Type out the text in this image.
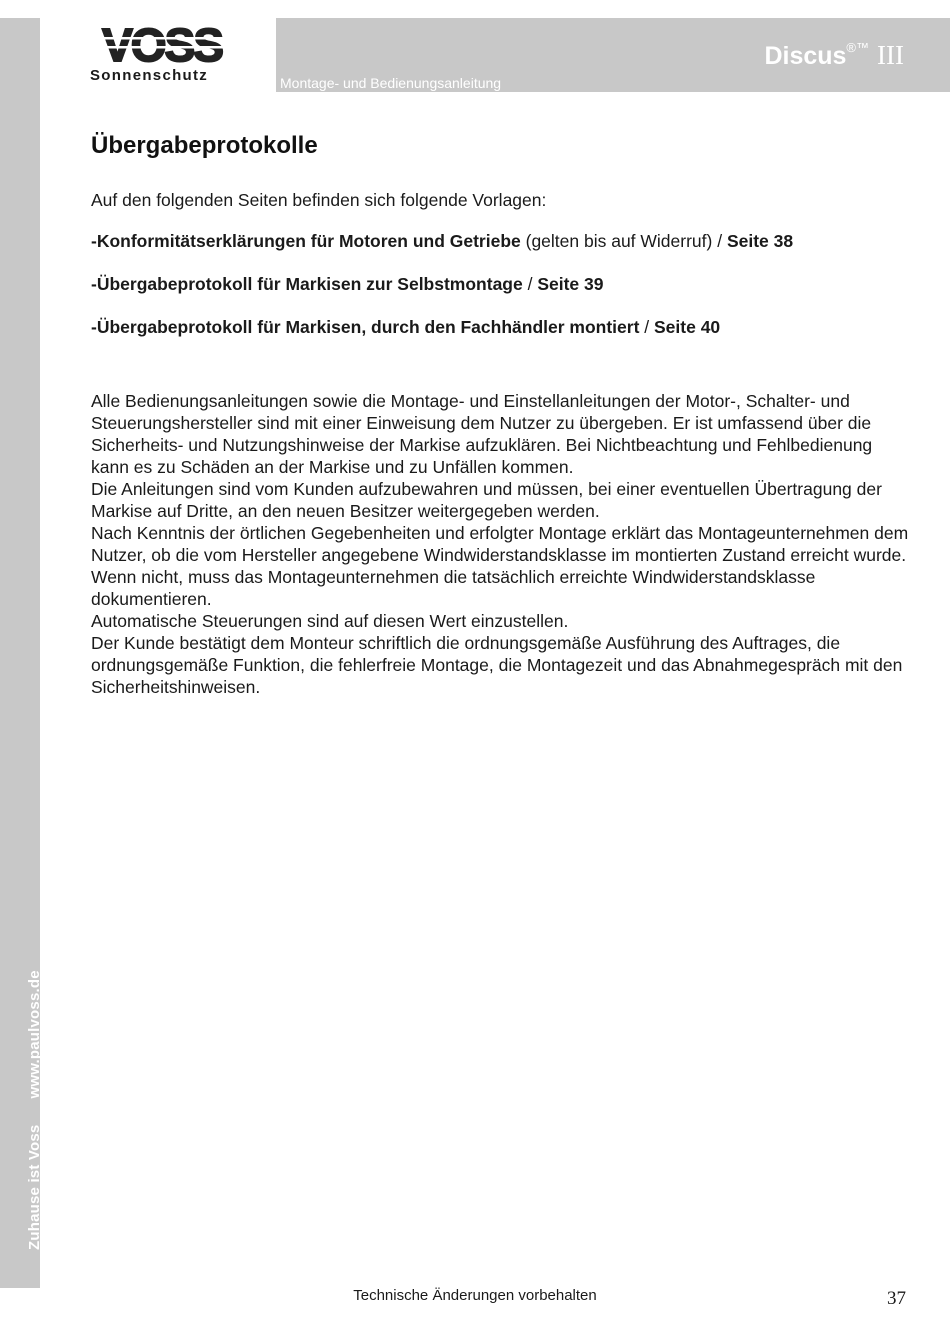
Zuhause ist Vosswww.paulvoss.de
Sonnenschutz	Montage- und Bedienungsanleitung
Discus®™ III
Übergabeprotokolle

Auf den folgenden Seiten befinden sich folgende Vorlagen:

-Konformitätserklärungen für Motoren und Getriebe (gelten bis auf Widerruf) / Seite 38

-Übergabeprotokoll für Markisen zur Selbstmontage / Seite 39

-Übergabeprotokoll für Markisen, durch den Fachhändler montiert / Seite 40

Alle Bedienungsanleitungen sowie die Montage- und Einstellanleitungen der Motor-, Schalter- und Steuerungshersteller sind mit einer Einweisung dem Nutzer zu übergeben. Er ist umfassend über die Sicherheits- und Nutzungshinweise der Markise aufzuklären. Bei Nichtbeachtung und Fehlbedienung kann es zu Schäden an der Markise und zu Unfällen kommen.

Die Anleitungen sind vom Kunden aufzubewahren und müssen, bei einer eventuellen Übertragung der Markise auf Dritte, an den neuen Besitzer weitergegeben werden.

Nach Kenntnis der örtlichen Gegebenheiten und erfolgter Montage erklärt das Montageunternehmen dem Nutzer, ob die vom Hersteller angegebene Windwiderstandsklasse im montierten Zustand erreicht wurde. Wenn nicht, muss das Montageunternehmen die tatsächlich erreichte Windwiderstandsklasse dokumentieren.

Automatische Steuerungen sind auf diesen Wert einzustellen.

Der Kunde bestätigt dem Monteur schriftlich die ordnungsgemäße Ausführung des Auftrages, die ordnungsgemäße Funktion, die fehlerfreie Montage, die Montagezeit und das Abnahmegespräch mit den Sicherheitshinweisen.

Technische Änderungen vorbehalten	37
